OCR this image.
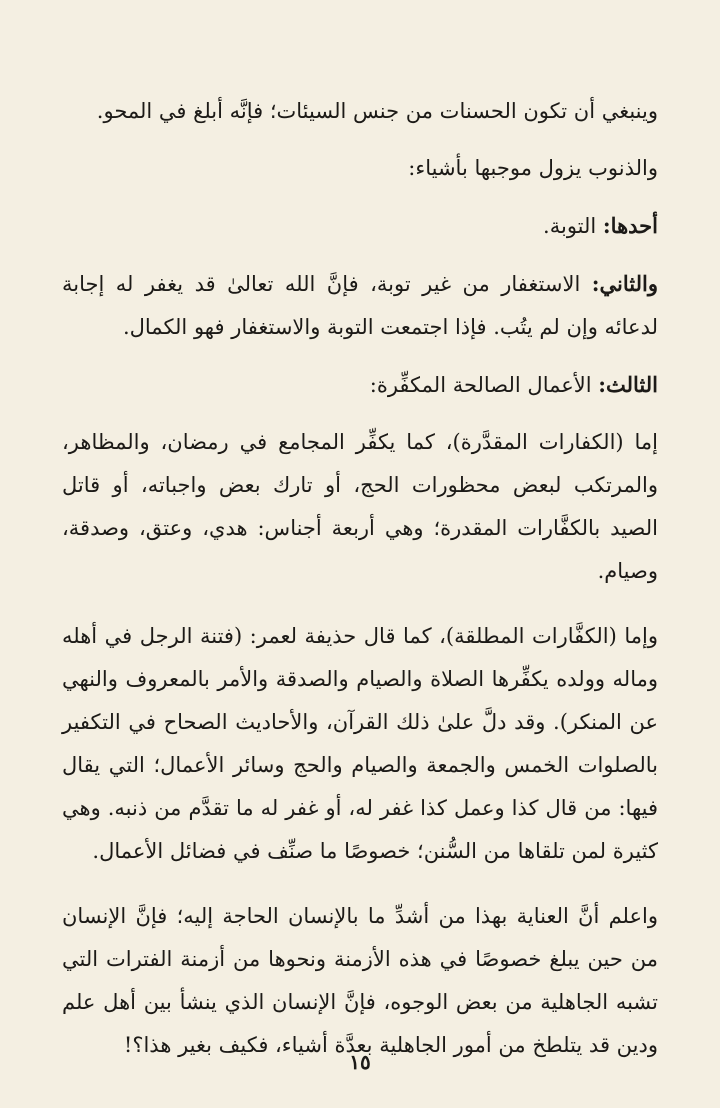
وينبغي أن تكون الحسنات من جنس السيئات؛ فإنَّه أبلغ في المحو.

والذنوب يزول موجبها بأشياء:

أحدها: التوبة.

والثاني: الاستغفار من غير توبة، فإنَّ الله تعالىٰ قد يغفر له إجابة لدعائه وإن لم يتُب. فإذا اجتمعت التوبة والاستغفار فهو الكمال.

الثالث: الأعمال الصالحة المكفِّرة:

إما (الكفارات المقدَّرة)، كما يكفِّر المجامع في رمضان، والمظاهر، والمرتكب لبعض محظورات الحج، أو تارك بعض واجباته، أو قاتل الصيد بالكفَّارات المقدرة؛ وهي أربعة أجناس: هدي، وعتق، وصدقة، وصيام.

وإما (الكفَّارات المطلقة)، كما قال حذيفة لعمر: (فتنة الرجل في أهله وماله وولده يكفِّرها الصلاة والصيام والصدقة والأمر بالمعروف والنهي عن المنكر). وقد دلَّ علىٰ ذلك القرآن، والأحاديث الصحاح في التكفير بالصلوات الخمس والجمعة والصيام والحج وسائر الأعمال؛ التي يقال فيها: من قال كذا وعمل كذا غفر له، أو غفر له ما تقدَّم من ذنبه. وهي كثيرة لمن تلقاها من السُّنن؛ خصوصًا ما صنِّف في فضائل الأعمال.

واعلم أنَّ العناية بهذا من أشدِّ ما بالإنسان الحاجة إليه؛ فإنَّ الإنسان من حين يبلغ خصوصًا في هذه الأزمنة ونحوها من أزمنة الفترات التي تشبه الجاهلية من بعض الوجوه، فإنَّ الإنسان الذي ينشأ بين أهل علم ودين قد يتلطخ من أمور الجاهلية بعدَّة أشياء، فكيف بغير هذا؟!

١٥
